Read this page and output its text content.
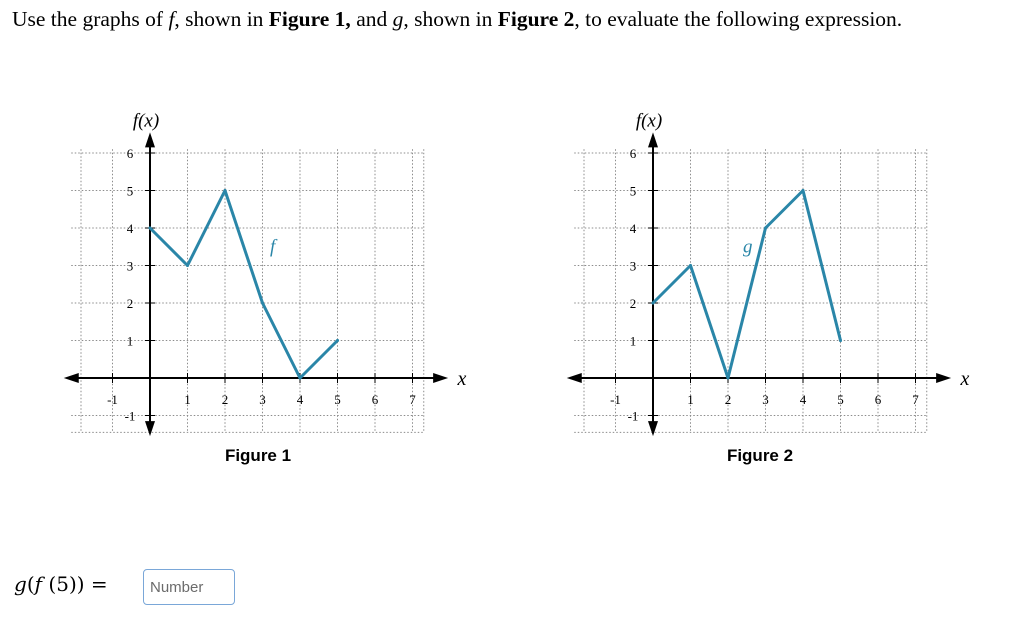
Use the graphs of f, shown in Figure 1, and g, shown in Figure 2, to evaluate the following expression.
-1	1 2 3 4 5 6 7
-1
1
2
3
4
5
6
f(x)
x
f
Figure 1
-1	1 2 3 4 5 6 7
-1
1
2
3
4
5
6
f(x)
x
g
Figure 2
g(f (5)) =
Number
